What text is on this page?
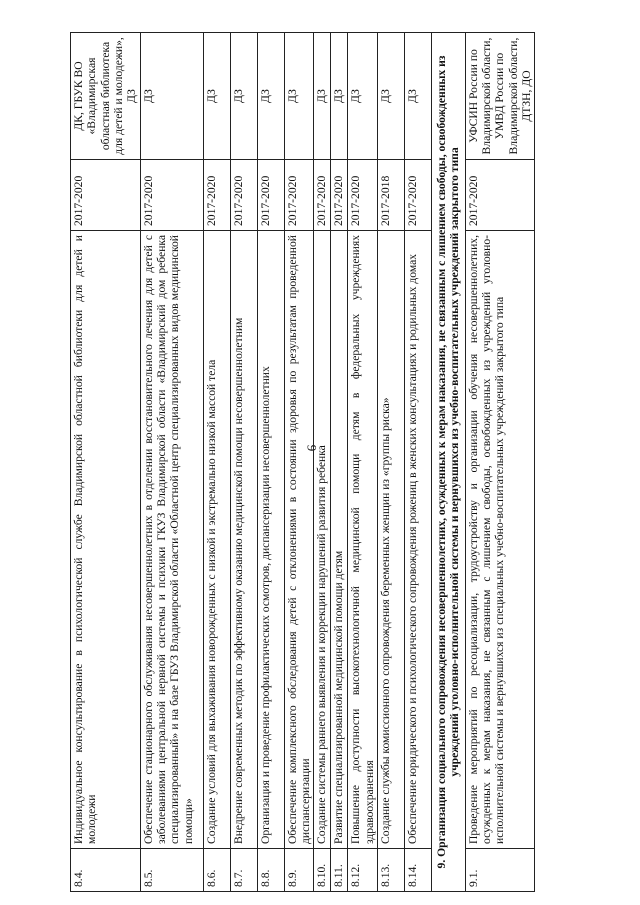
9
8.4.	Индивидуальное консультирование в психологической службе Владимирской областной библиотеки для детей и молодежи	2017-2020	ДК, ГБУК ВО «Владимирская областная библиотека для детей и молодежи», ДЗ
8.5.	Обеспечение стационарного обслуживания несовершеннолетних в отделении восстановительного лечения для детей с заболеваниями центральной нервной системы и психики ГКУЗ Владимирской области «Владимирский дом ребенка специализированный» и на базе ГБУЗ Владимирской области «Областной центр специализированных видов медицинской помощи»	2017-2020	ДЗ
8.6.	Создание условий для выхаживания новорожденных с низкой и экстремально низкой массой тела	2017-2020	ДЗ
8.7.	Внедрение современных методик по эффективному оказанию медицинской помощи несовершеннолетним	2017-2020	ДЗ
8.8.	Организация и проведение профилактических осмотров, диспансеризации несовершеннолетних	2017-2020	ДЗ
8.9.	Обеспечение комплексного обследования детей с отклонениями в состоянии здоровья по результатам проведенной диспансеризации	2017-2020	ДЗ
8.10.	Создание системы раннего выявления и коррекции нарушений развития ребенка	2017-2020	ДЗ
8.11.	Развитие специализированной медицинской помощи детям	2017-2020	ДЗ
8.12.	Повышение доступности высокотехнологичной медицинской помощи детям в федеральных учреждениях здравоохранения	2017-2020	ДЗ
8.13.	Создание службы комиссионного сопровождения беременных женщин из «группы риска»	2017-2018	ДЗ
8.14.	Обеспечение юридического и психологического сопровождения рожениц в женских консультациях и родильных домах	2017-2020	ДЗ
9. Организация социального сопровождения несовершеннолетних, осужденных к мерам наказания, не связанным с лишением свободы, освобожденных из учреждений уголовно-исполнительной системы и вернувшихся из учебно-воспитательных учреждений закрытого типа			
9.1.	Проведение мероприятий по ресоциализации, трудоустройству и организации обучения несовершеннолетних, осужденных к мерам наказания, не связанным с лишением свободы, освобожденных из учреждений уголовно-исполнительной системы и вернувшихся из специальных учебно-воспитательных учреждений закрытого типа	2017-2020	УФСИН России по Владимирской области, УМВД России по Владимирской области, ДТЗН, ДО
